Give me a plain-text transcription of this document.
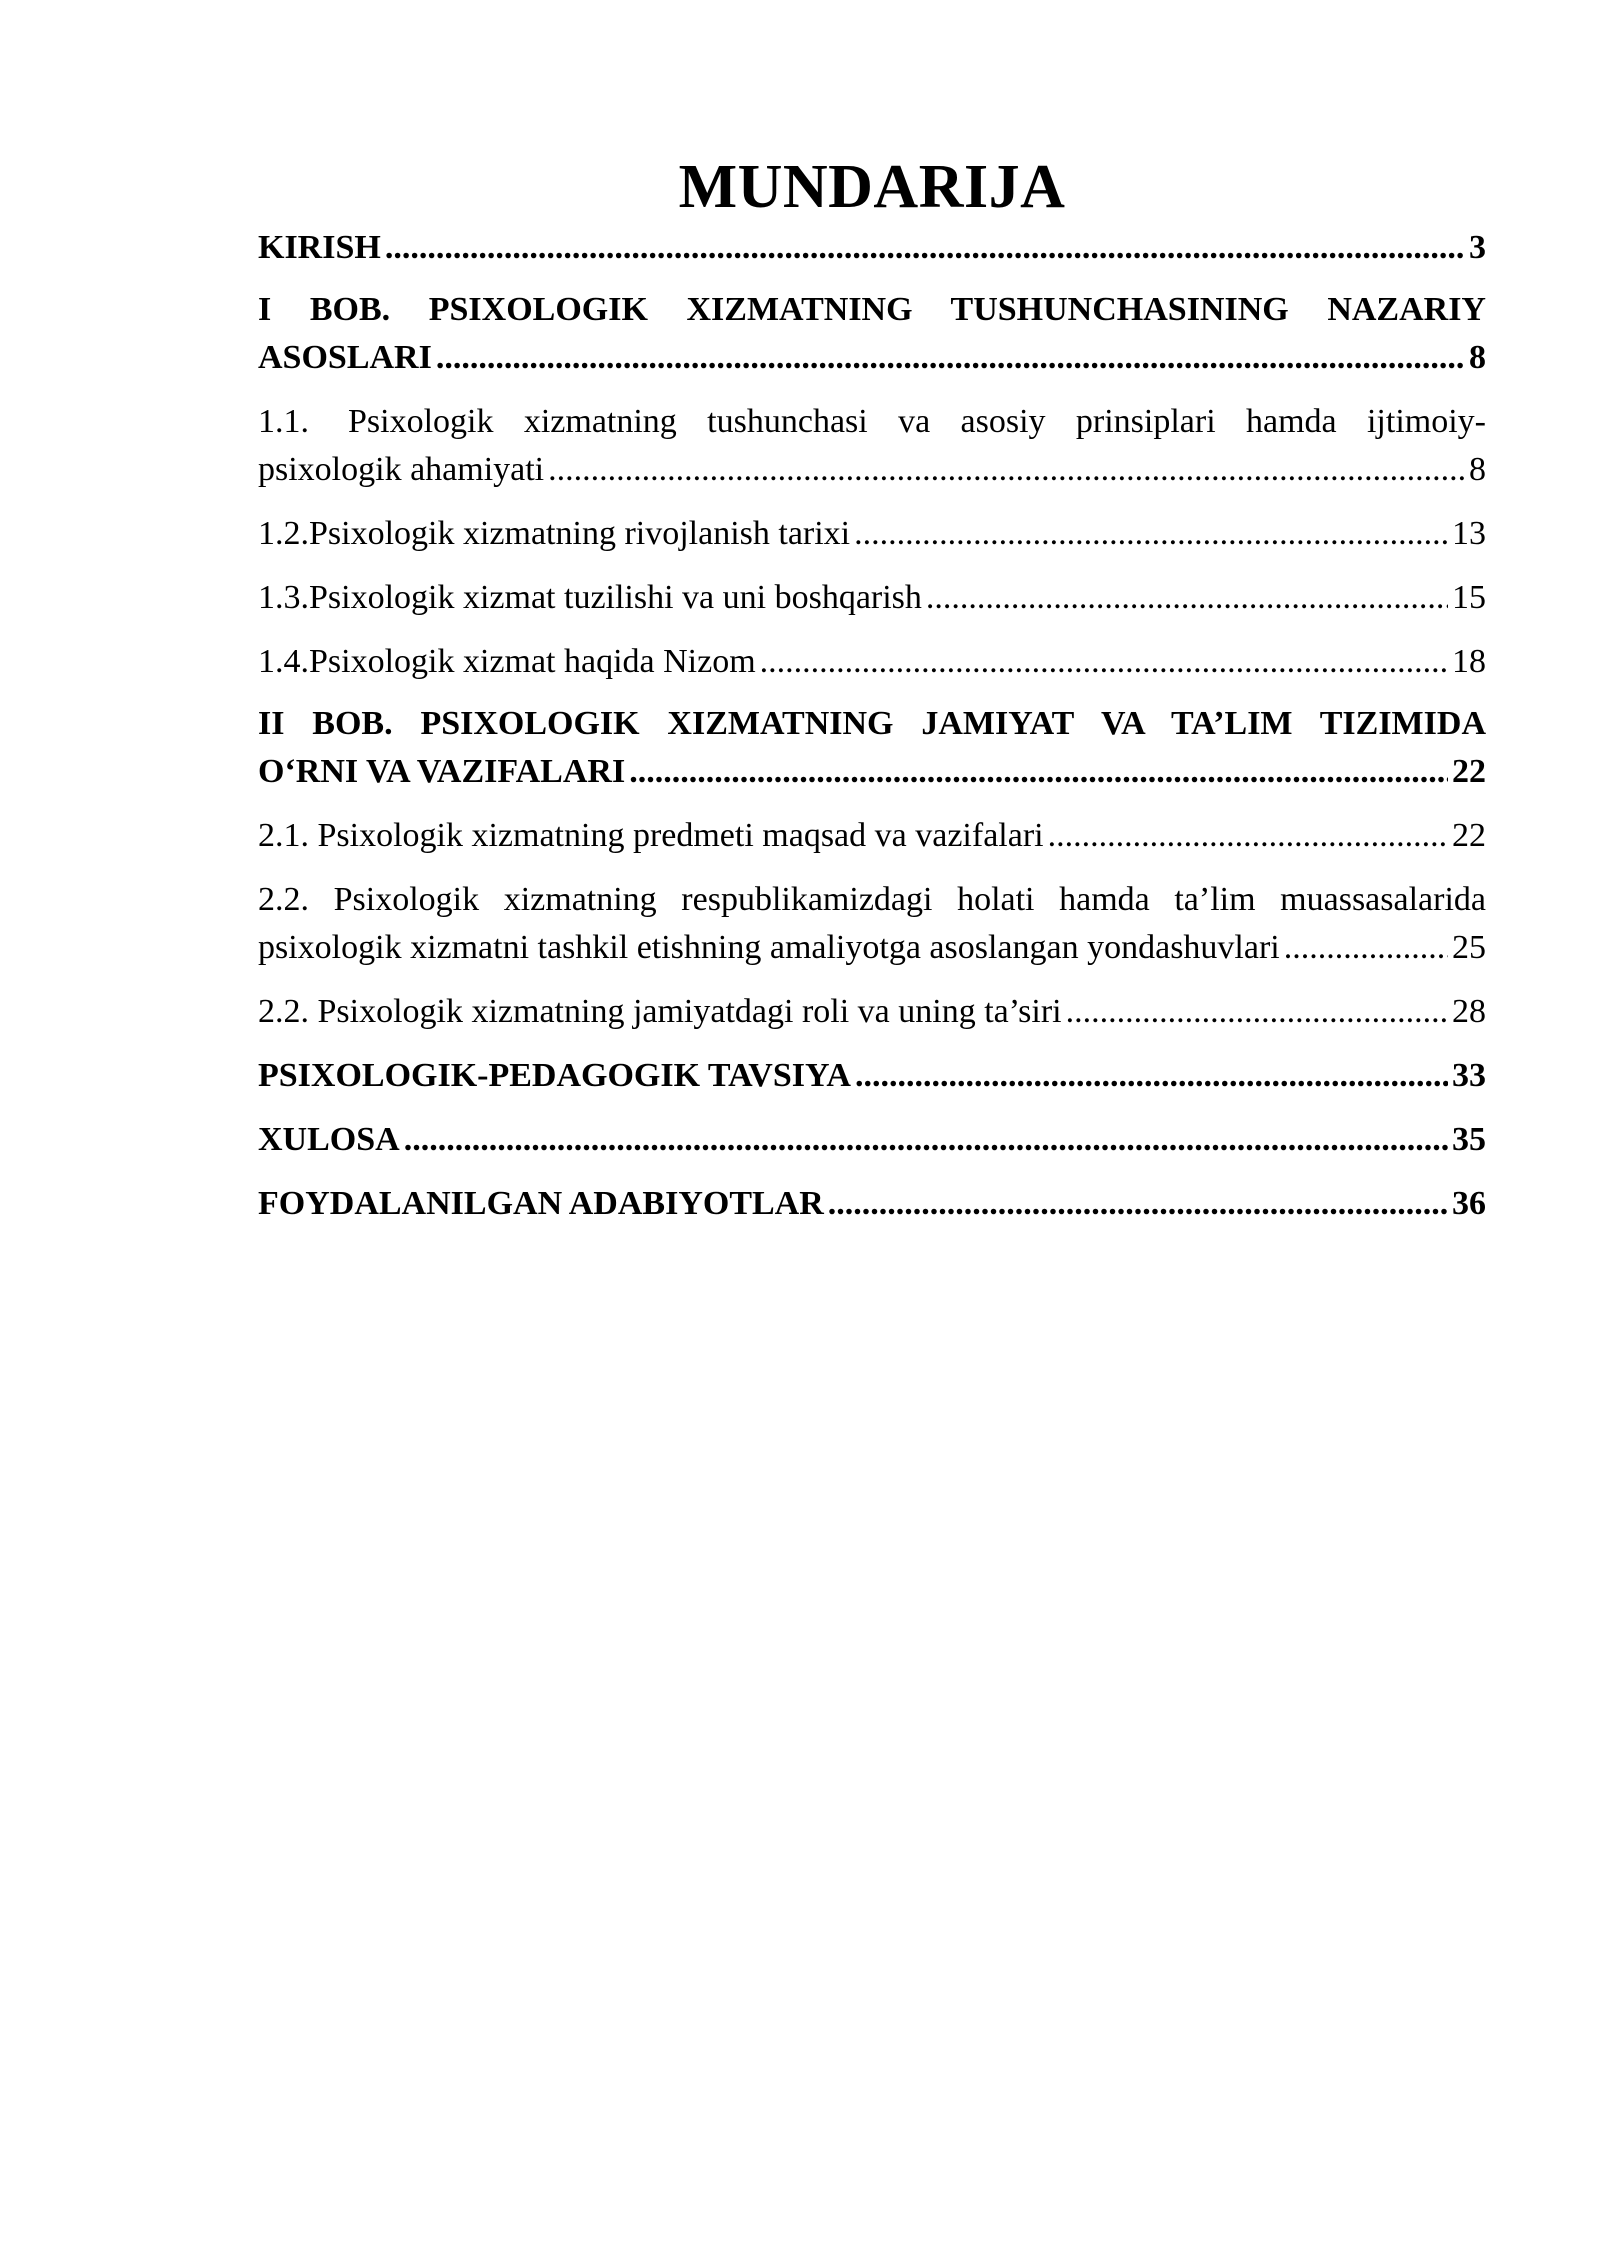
MUNDARIJA
KIRISH .....	3
I BOB. PSIXOLOGIK XIZMATNING TUSHUNCHASINING NAZARIY
ASOSLARI .....	8
1.1. Psixologik xizmatning tushunchasi va asosiy prinsiplari hamda ijtimoiy-
psixologik ahamiyati .....	8
1.2. Psixologik xizmatning rivojlanish tarixi .....	13
1.3. Psixologik xizmat tuzilishi va uni boshqarish .....	15
1.4. Psixologik xizmat haqida Nizom .....	18
II BOB. PSIXOLOGIK XIZMATNING JAMIYAT VA TA’LIM TIZIMIDA
O‘RNI VA VAZIFALARI .....	22
2.1. Psixologik xizmatning predmeti maqsad va vazifalari .....	22
2.2. Psixologik xizmatning respublikamizdagi holati hamda ta’lim muassasalarida
psixologik xizmatni tashkil etishning amaliyotga asoslangan yondashuvlari .....	25
2.2. Psixologik xizmatning jamiyatdagi roli va uning ta’siri .....	28
PSIXOLOGIK-PEDAGOGIK TAVSIYA .....	33
XULOSA .....	35
FOYDALANILGAN ADABIYOTLAR .....	36
